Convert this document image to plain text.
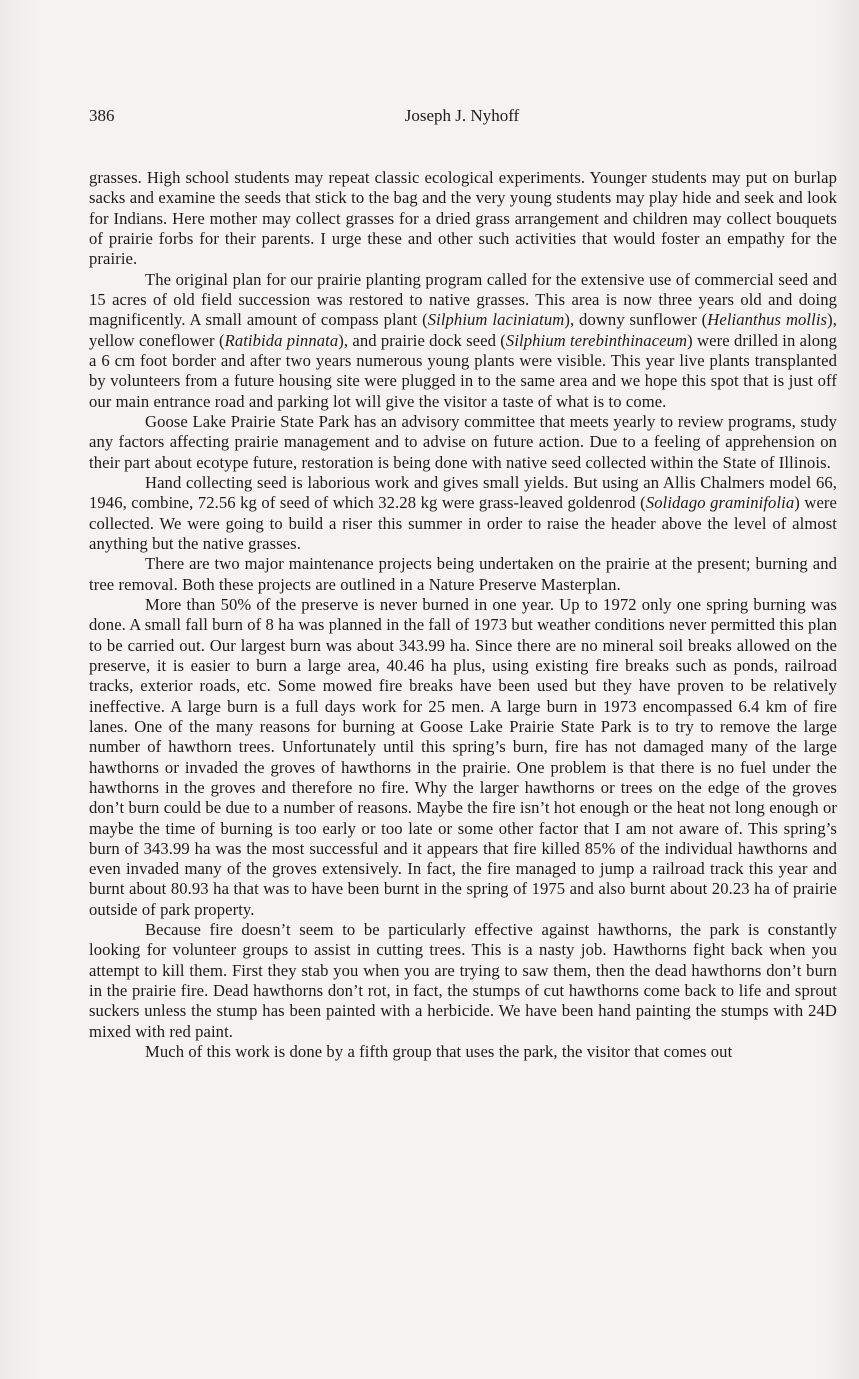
386	Joseph J. Nyhoff

grasses. High school students may repeat classic ecological experiments. Younger students may put on burlap sacks and examine the seeds that stick to the bag and the very young students may play hide and seek and look for Indians. Here mother may collect grasses for a dried grass arrangement and children may collect bouquets of prairie forbs for their parents. I urge these and other such activities that would foster an empathy for the prairie.

The original plan for our prairie planting program called for the extensive use of commercial seed and 15 acres of old field succession was restored to native grasses. This area is now three years old and doing magnificently. A small amount of compass plant (Silphium laciniatum), downy sunflower (Helianthus mollis), yellow coneflower (Ratibida pinnata), and prairie dock seed (Silphium terebinthinaceum) were drilled in along a 6 cm foot border and after two years numerous young plants were visible. This year live plants transplanted by volunteers from a future housing site were plugged in to the same area and we hope this spot that is just off our main entrance road and parking lot will give the visitor a taste of what is to come.

Goose Lake Prairie State Park has an advisory committee that meets yearly to review programs, study any factors affecting prairie management and to advise on future action. Due to a feeling of apprehension on their part about ecotype future, restoration is being done with native seed collected within the State of Illinois.

Hand collecting seed is laborious work and gives small yields. But using an Allis Chalmers model 66, 1946, combine, 72.56 kg of seed of which 32.28 kg were grass-leaved goldenrod (Solidago graminifolia) were collected. We were going to build a riser this summer in order to raise the header above the level of almost anything but the native grasses.

There are two major maintenance projects being undertaken on the prairie at the present; burning and tree removal. Both these projects are outlined in a Nature Preserve Masterplan.

More than 50% of the preserve is never burned in one year. Up to 1972 only one spring burning was done. A small fall burn of 8 ha was planned in the fall of 1973 but weather conditions never permitted this plan to be carried out. Our largest burn was about 343.99 ha. Since there are no mineral soil breaks allowed on the preserve, it is easier to burn a large area, 40.46 ha plus, using existing fire breaks such as ponds, railroad tracks, exterior roads, etc. Some mowed fire breaks have been used but they have proven to be relatively ineffective. A large burn is a full days work for 25 men. A large burn in 1973 encompassed 6.4 km of fire lanes. One of the many reasons for burning at Goose Lake Prairie State Park is to try to remove the large number of hawthorn trees. Unfortunately until this spring’s burn, fire has not damaged many of the large hawthorns or invaded the groves of hawthorns in the prairie. One problem is that there is no fuel under the hawthorns in the groves and therefore no fire. Why the larger hawthorns or trees on the edge of the groves don’t burn could be due to a number of reasons. Maybe the fire isn’t hot enough or the heat not long enough or maybe the time of burning is too early or too late or some other factor that I am not aware of. This spring’s burn of 343.99 ha was the most successful and it appears that fire killed 85% of the individual hawthorns and even invaded many of the groves extensively. In fact, the fire managed to jump a railroad track this year and burnt about 80.93 ha that was to have been burnt in the spring of 1975 and also burnt about 20.23 ha of prairie outside of park property.

Because fire doesn’t seem to be particularly effective against hawthorns, the park is constantly looking for volunteer groups to assist in cutting trees. This is a nasty job. Hawthorns fight back when you attempt to kill them. First they stab you when you are trying to saw them, then the dead hawthorns don’t burn in the prairie fire. Dead hawthorns don’t rot, in fact, the stumps of cut hawthorns come back to life and sprout suckers unless the stump has been painted with a herbicide. We have been hand painting the stumps with 24D mixed with red paint.

Much of this work is done by a fifth group that uses the park, the visitor that comes out
